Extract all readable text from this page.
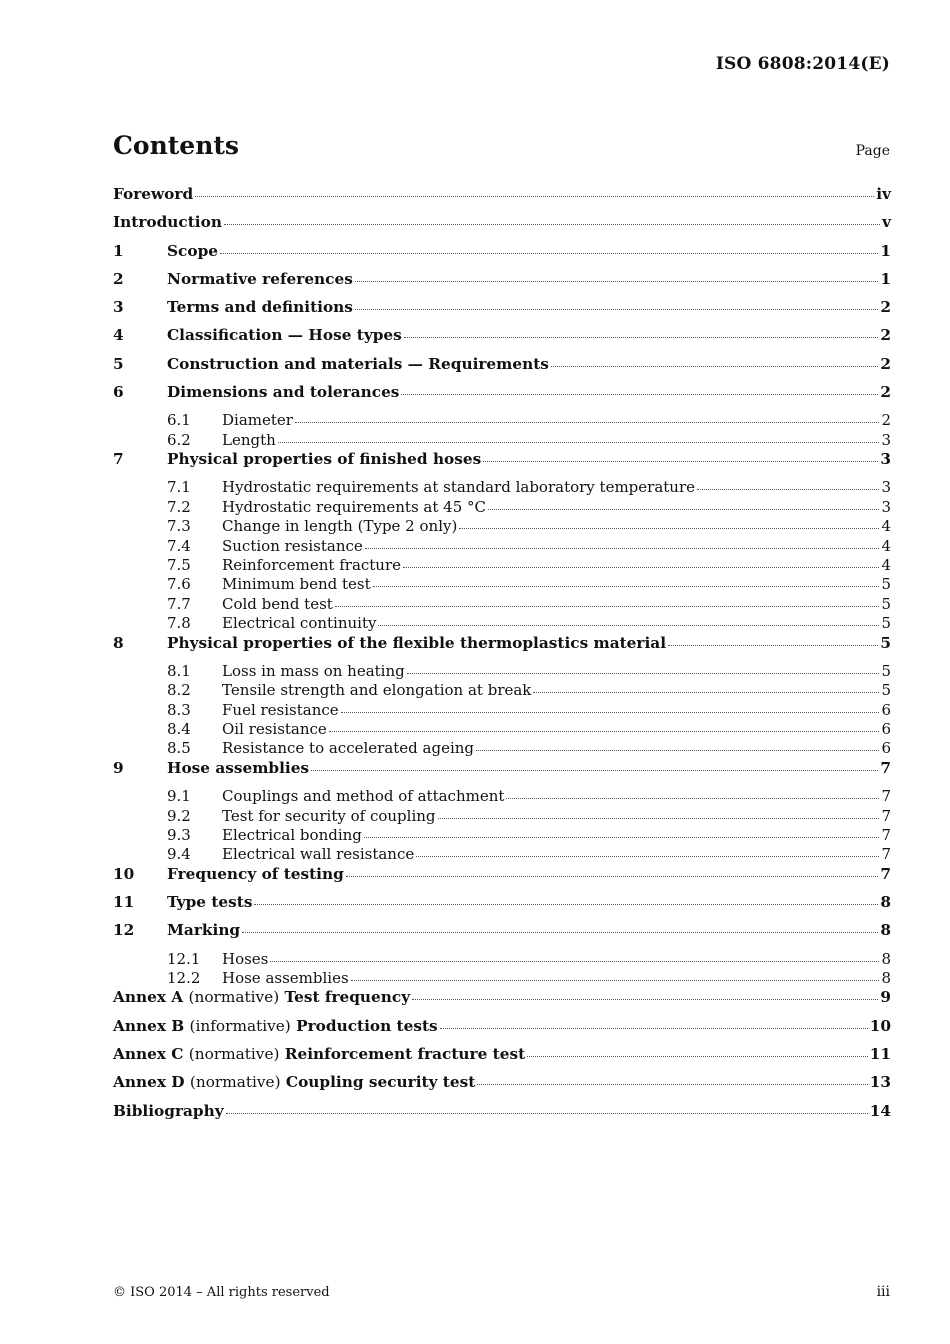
ISO 6808:2014(E)
Contents	Page
Foreword	iv
Introduction	v
1	Scope	1
2	Normative references	1
3	Terms and definitions	2
4	Classification — Hose types	2
5	Construction and materials — Requirements	2
6	Dimensions and tolerances	2
6.1	Diameter	2
6.2	Length	3
7	Physical properties of finished hoses	3
7.1	Hydrostatic requirements at standard laboratory temperature	3
7.2	Hydrostatic requirements at 45 °C	3
7.3	Change in length (Type 2 only)	4
7.4	Suction resistance	4
7.5	Reinforcement fracture	4
7.6	Minimum bend test	5
7.7	Cold bend test	5
7.8	Electrical continuity	5
8	Physical properties of the flexible thermoplastics material	5
8.1	Loss in mass on heating	5
8.2	Tensile strength and elongation at break	5
8.3	Fuel resistance	6
8.4	Oil resistance	6
8.5	Resistance to accelerated ageing	6
9	Hose assemblies	7
9.1	Couplings and method of attachment	7
9.2	Test for security of coupling	7
9.3	Electrical bonding	7
9.4	Electrical wall resistance	7
10	Frequency of testing	7
11	Type tests	8
12	Marking	8
12.1	Hoses	8
12.2	Hose assemblies	8
Annex A (normative) Test frequency	9
Annex B (informative) Production tests	10
Annex C (normative) Reinforcement fracture test	11
Annex D (normative) Coupling security test	13
Bibliography	14
© ISO 2014 – All rights reserved	iii
